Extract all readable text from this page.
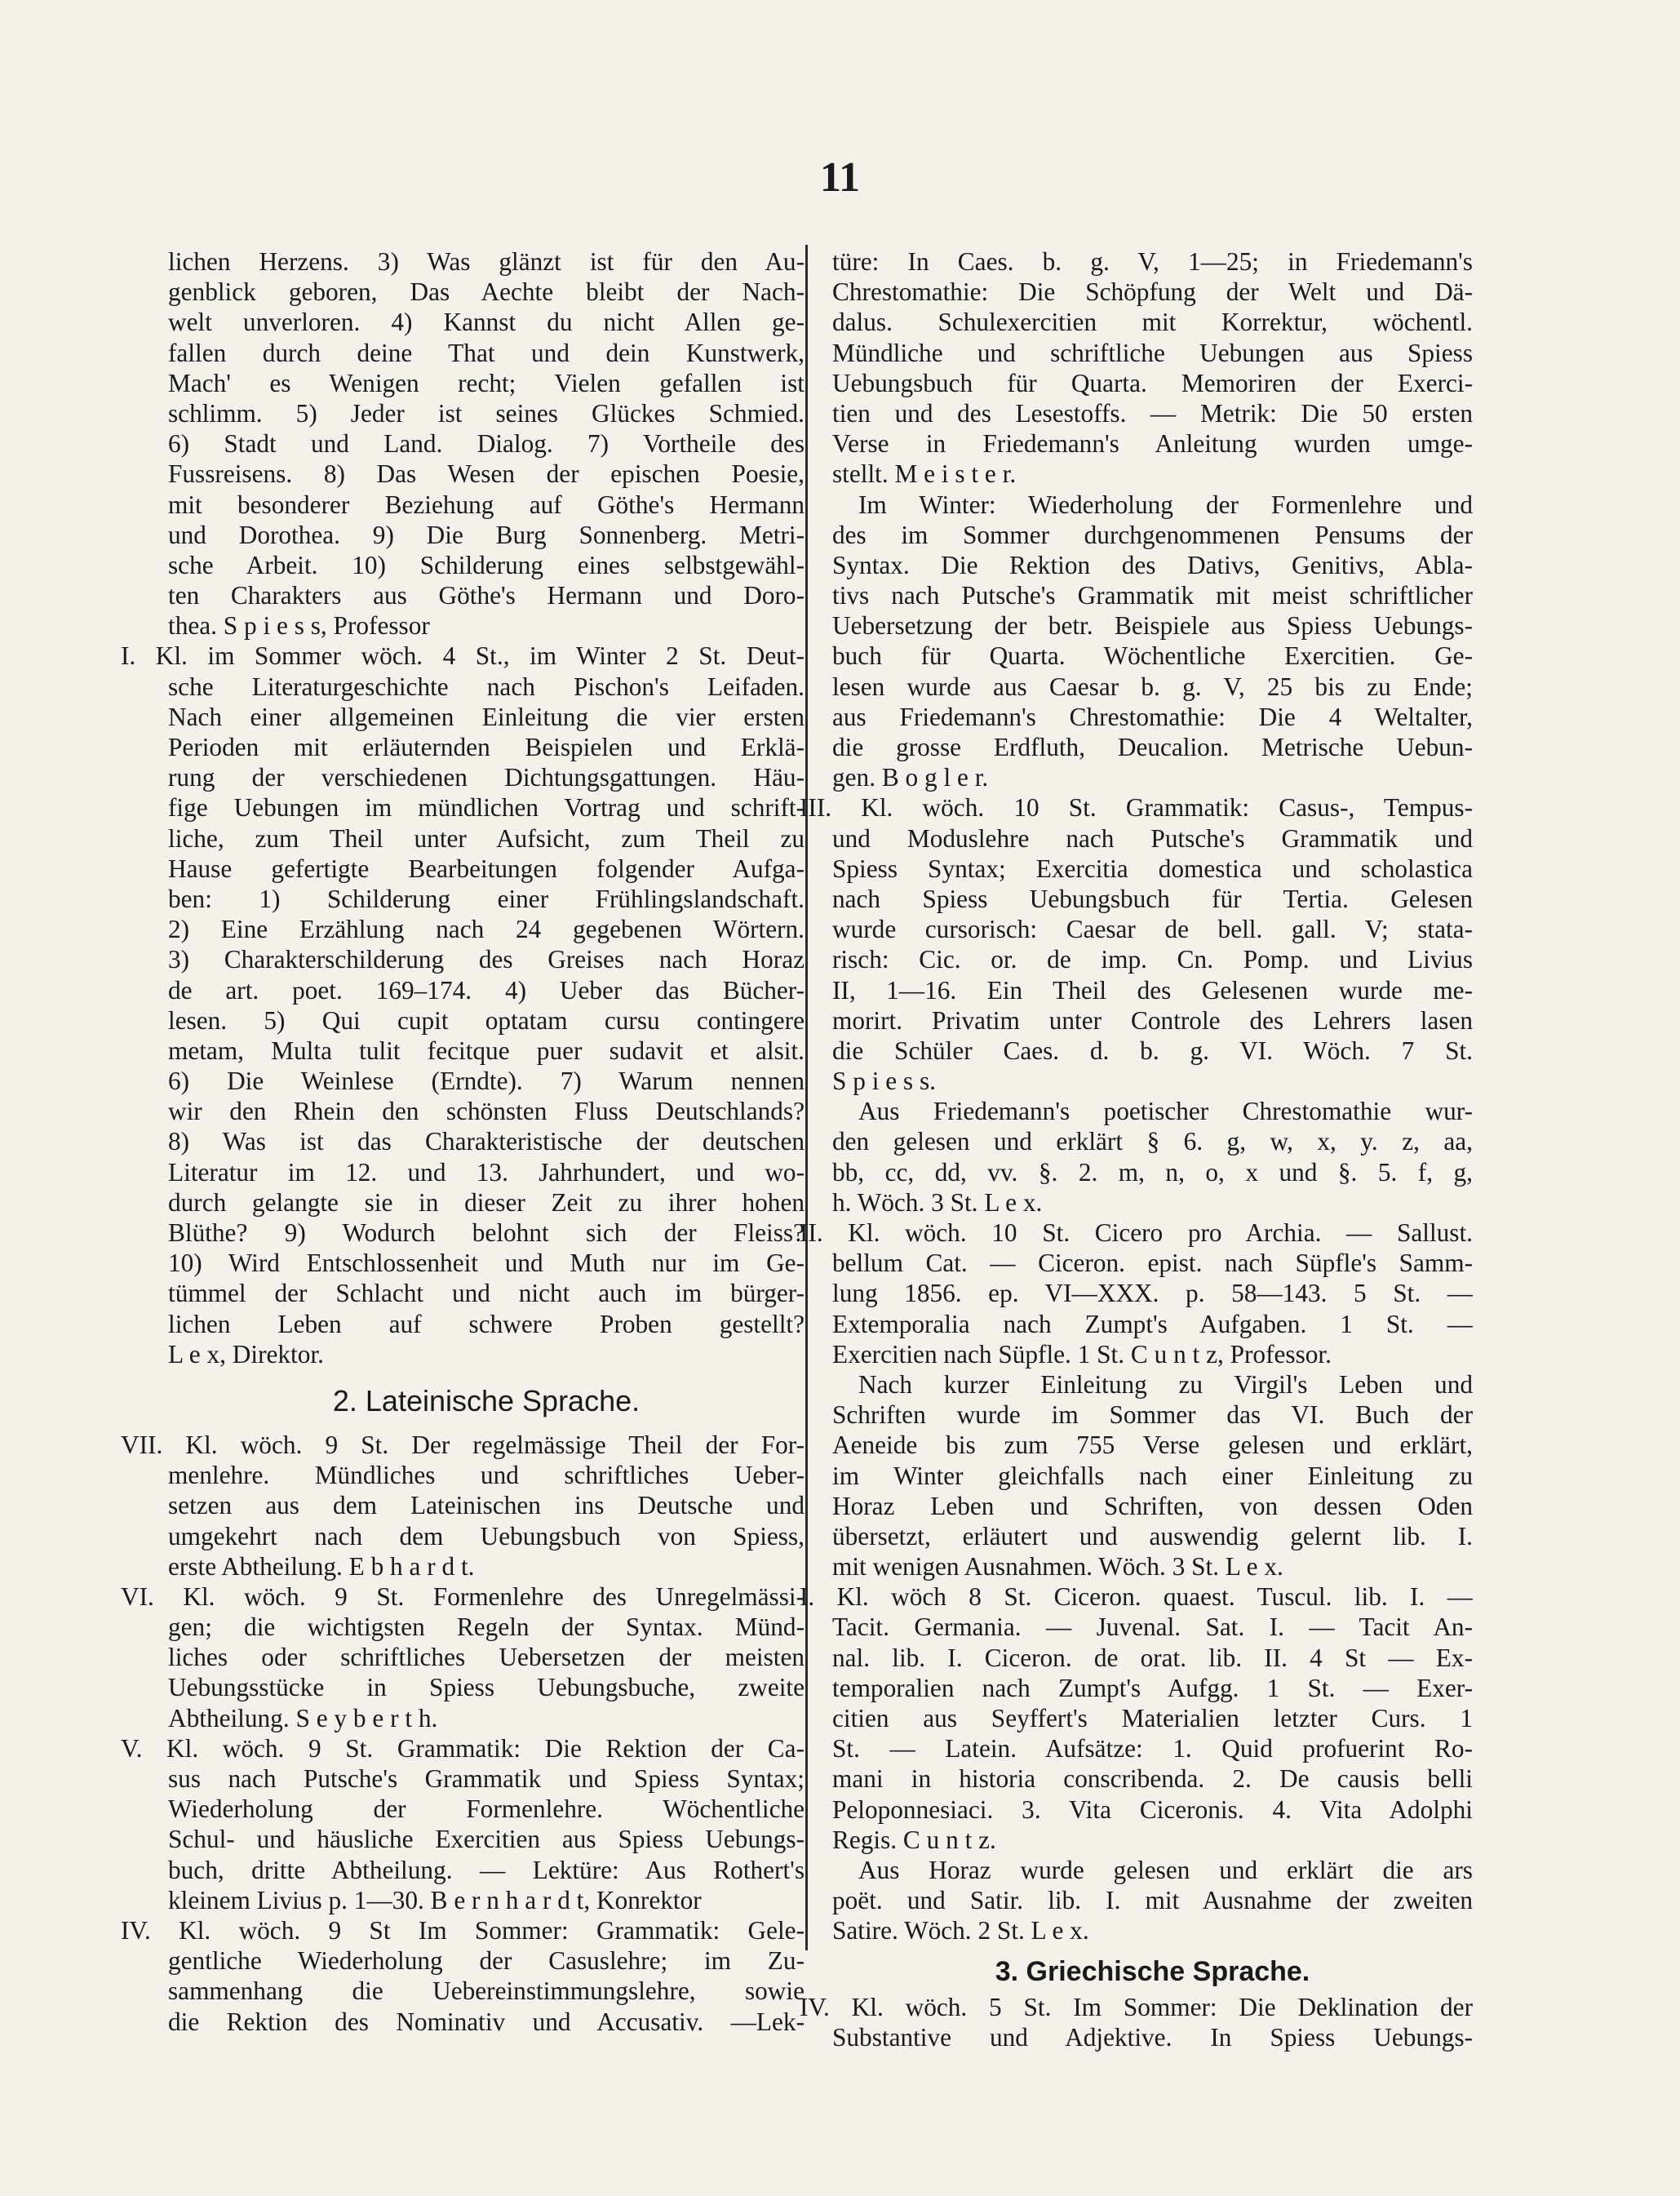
11
lichen Herzens. 3) Was glänzt ist für den Au-
genblick geboren, Das Aechte bleibt der Nach-
welt unverloren. 4) Kannst du nicht Allen ge-
fallen durch deine That und dein Kunstwerk,
Mach' es Wenigen recht; Vielen gefallen ist
schlimm. 5) Jeder ist seines Glückes Schmied.
6) Stadt und Land. Dialog. 7) Vortheile des
Fussreisens. 8) Das Wesen der epischen Poesie,
mit besonderer Beziehung auf Göthe's Hermann
und Dorothea. 9) Die Burg Sonnenberg. Metri-
sche Arbeit. 10) Schilderung eines selbstgewähl-
ten Charakters aus Göthe's Hermann und Doro-
thea. S p i e s s, Professor
I. Kl. im Sommer wöch. 4 St., im Winter 2 St. Deut-
sche Literaturgeschichte nach Pischon's Leifaden.
Nach einer allgemeinen Einleitung die vier ersten
Perioden mit erläuternden Beispielen und Erklä-
rung der verschiedenen Dichtungsgattungen. Häu-
fige Uebungen im mündlichen Vortrag und schrift-
liche, zum Theil unter Aufsicht, zum Theil zu
Hause gefertigte Bearbeitungen folgender Aufga-
ben: 1) Schilderung einer Frühlingslandschaft.
2) Eine Erzählung nach 24 gegebenen Wörtern.
3) Charakterschilderung des Greises nach Horaz
de art. poet. 169–174. 4) Ueber das Bücher-
lesen. 5) Qui cupit optatam cursu contingere
metam, Multa tulit fecitque puer sudavit et alsit.
6) Die Weinlese (Erndte). 7) Warum nennen
wir den Rhein den schönsten Fluss Deutschlands?
8) Was ist das Charakteristische der deutschen
Literatur im 12. und 13. Jahrhundert, und wo-
durch gelangte sie in dieser Zeit zu ihrer hohen
Blüthe? 9) Wodurch belohnt sich der Fleiss?
10) Wird Entschlossenheit und Muth nur im Ge-
tümmel der Schlacht und nicht auch im bürger-
lichen Leben auf schwere Proben gestellt?
L e x, Direktor.
2. Lateinische Sprache.
VII. Kl. wöch. 9 St. Der regelmässige Theil der For-
menlehre. Mündliches und schriftliches Ueber-
setzen aus dem Lateinischen ins Deutsche und
umgekehrt nach dem Uebungsbuch von Spiess,
erste Abtheilung. E b h a r d t.
VI. Kl. wöch. 9 St. Formenlehre des Unregelmässi-
gen; die wichtigsten Regeln der Syntax. Münd-
liches oder schriftliches Uebersetzen der meisten
Uebungsstücke in Spiess Uebungsbuche, zweite
Abtheilung. S e y b e r t h.
V. Kl. wöch. 9 St. Grammatik: Die Rektion der Ca-
sus nach Putsche's Grammatik und Spiess Syntax;
Wiederholung der Formenlehre. Wöchentliche
Schul- und häusliche Exercitien aus Spiess Uebungs-
buch, dritte Abtheilung. — Lektüre: Aus Rothert's
kleinem Livius p. 1—30. B e r n h a r d t, Konrektor
IV. Kl. wöch. 9 St Im Sommer: Grammatik: Gele-
gentliche Wiederholung der Casuslehre; im Zu-
sammenhang die Uebereinstimmungslehre, sowie
die Rektion des Nominativ und Accusativ. —Lek-
türe: In Caes. b. g. V, 1—25; in Friedemann's
Chrestomathie: Die Schöpfung der Welt und Dä-
dalus. Schulexercitien mit Korrektur, wöchentl.
Mündliche und schriftliche Uebungen aus Spiess
Uebungsbuch für Quarta. Memoriren der Exerci-
tien und des Lesestoffs. — Metrik: Die 50 ersten
Verse in Friedemann's Anleitung wurden umge-
stellt. M e i s t e r.
Im Winter: Wiederholung der Formenlehre und
des im Sommer durchgenommenen Pensums der
Syntax. Die Rektion des Dativs, Genitivs, Abla-
tivs nach Putsche's Grammatik mit meist schriftlicher
Uebersetzung der betr. Beispiele aus Spiess Uebungs-
buch für Quarta. Wöchentliche Exercitien. Ge-
lesen wurde aus Caesar b. g. V, 25 bis zu Ende;
aus Friedemann's Chrestomathie: Die 4 Weltalter,
die grosse Erdfluth, Deucalion. Metrische Uebun-
gen. B o g l e r.
III. Kl. wöch. 10 St. Grammatik: Casus-, Tempus-
und Moduslehre nach Putsche's Grammatik und
Spiess Syntax; Exercitia domestica und scholastica
nach Spiess Uebungsbuch für Tertia. Gelesen
wurde cursorisch: Caesar de bell. gall. V; stata-
risch: Cic. or. de imp. Cn. Pomp. und Livius
II, 1—16. Ein Theil des Gelesenen wurde me-
morirt. Privatim unter Controle des Lehrers lasen
die Schüler Caes. d. b. g. VI. Wöch. 7 St.
S p i e s s.
Aus Friedemann's poetischer Chrestomathie wur-
den gelesen und erklärt § 6. g, w, x, y. z, aa,
bb, cc, dd, vv. §. 2. m, n, o, x und §. 5. f, g,
h. Wöch. 3 St. L e x.
II. Kl. wöch. 10 St. Cicero pro Archia. — Sallust.
bellum Cat. — Ciceron. epist. nach Süpfle's Samm-
lung 1856. ep. VI—XXX. p. 58—143. 5 St. —
Extemporalia nach Zumpt's Aufgaben. 1 St. —
Exercitien nach Süpfle. 1 St. C u n t z, Professor.
Nach kurzer Einleitung zu Virgil's Leben und
Schriften wurde im Sommer das VI. Buch der
Aeneide bis zum 755 Verse gelesen und erklärt,
im Winter gleichfalls nach einer Einleitung zu
Horaz Leben und Schriften, von dessen Oden
übersetzt, erläutert und auswendig gelernt lib. I.
mit wenigen Ausnahmen. Wöch. 3 St. L e x.
I. Kl. wöch 8 St. Ciceron. quaest. Tuscul. lib. I. —
Tacit. Germania. — Juvenal. Sat. I. — Tacit An-
nal. lib. I. Ciceron. de orat. lib. II. 4 St — Ex-
temporalien nach Zumpt's Aufgg. 1 St. — Exer-
citien aus Seyffert's Materialien letzter Curs. 1
St. — Latein. Aufsätze: 1. Quid profuerint Ro-
mani in historia conscribenda. 2. De causis belli
Peloponnesiaci. 3. Vita Ciceronis. 4. Vita Adolphi
Regis. C u n t z.
Aus Horaz wurde gelesen und erklärt die ars
poët. und Satir. lib. I. mit Ausnahme der zweiten
Satire. Wöch. 2 St. L e x.
3. Griechische Sprache.
IV. Kl. wöch. 5 St. Im Sommer: Die Deklination der
Substantive und Adjektive. In Spiess Uebungs-
